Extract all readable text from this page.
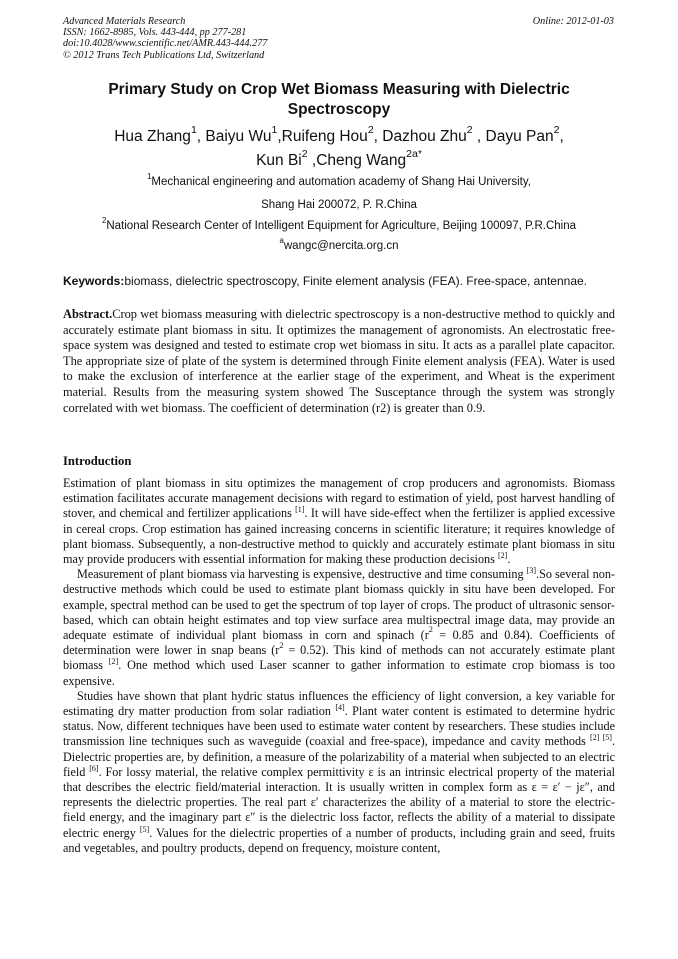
Advanced Materials Research
ISSN: 1662-8985, Vols. 443-444, pp 277-281
doi:10.4028/www.scientific.net/AMR.443-444.277
© 2012 Trans Tech Publications Ltd, Switzerland
Online: 2012-01-03
Primary Study on Crop Wet Biomass Measuring with Dielectric Spectroscopy
Hua Zhang$^1$, Baiyu Wu$^1$,Ruifeng Hou$^2$, Dazhou Zhu$^2$ , Dayu Pan$^2$,
Kun Bi$^2$ ,Cheng Wang$^{2a*}$
$^1$Mechanical engineering and automation academy of Shang Hai University,
Shang Hai 200072, P. R.China
$^2$National Research Center of Intelligent Equipment for Agriculture, Beijing 100097, P.R.China
$^a$wangc@nercita.org.cn
Keywords:biomass, dielectric spectroscopy, Finite element analysis (FEA). Free-space, antennae.
Abstract.Crop wet biomass measuring with dielectric spectroscopy is a non-destructive method to quickly and accurately estimate plant biomass in situ. It optimizes the management of agronomists. An electrostatic free-space system was designed and tested to estimate crop wet biomass in situ. It acts as a parallel plate capacitor. The appropriate size of plate of the system is determined through Finite element analysis (FEA). Water is used to make the exclusion of interference at the earlier stage of the experiment, and Wheat is the experiment material. Results from the measuring system showed The Susceptance through the system was strongly correlated with wet biomass. The coefficient of determination (r2) is greater than 0.9.
Introduction

Estimation of plant biomass in situ optimizes the management of crop producers and agronomists. Biomass estimation facilitates accurate management decisions with regard to estimation of yield, post harvest handling of stover, and chemical and fertilizer applications [1]. It will have side-effect when the fertilizer is applied excessive in cereal crops. Crop estimation has gained increasing concerns in scientific literature; it requires knowledge of plant biomass. Subsequently, a non-destructive method to quickly and accurately estimate plant biomass in situ may provide producers with essential information for making these production decisions [2].

Measurement of plant biomass via harvesting is expensive, destructive and time consuming [3].So several non-destructive methods which could be used to estimate plant biomass quickly in situ have been developed. For example, spectral method can be used to get the spectrum of top layer of crops. The product of ultrasonic sensor-based, which can obtain height estimates and top view surface area multispectral image data, may provide an adequate estimate of individual plant biomass in corn and spinach ($r^2 = 0.85$ and 0.84). Coefficients of determination were lower in snap beans $(r^2 = 0.52)$. This kind of methods can not accurately estimate plant biomass [2]. One method which used Laser scanner to gather information to estimate crop biomass is too expensive.

Studies have shown that plant hydric status influences the efficiency of light conversion, a key variable for estimating dry matter production from solar radiation [4]. Plant water content is estimated to determine hydric status. Now, different techniques have been used to estimate water content by researchers. These studies include transmission line techniques such as waveguide (coaxial and free-space), impedance and cavity methods [2] [5]. Dielectric properties are, by definition, a measure of the polarizability of a material when subjected to an electric field [6]. For lossy material, the relative complex permittivity ε is an intrinsic electrical property of the material that describes the electric field/material interaction. It is usually written in complex form as ε = ε′ − jε″, and represents the dielectric properties. The real part ε′ characterizes the ability of a material to store the electric-field energy, and the imaginary part ε″ is the dielectric loss factor, reflects the ability of a material to dissipate electric energy [5]. Values for the dielectric properties of a number of products, including grain and seed, fruits and vegetables, and poultry products, depend on frequency, moisture content,
